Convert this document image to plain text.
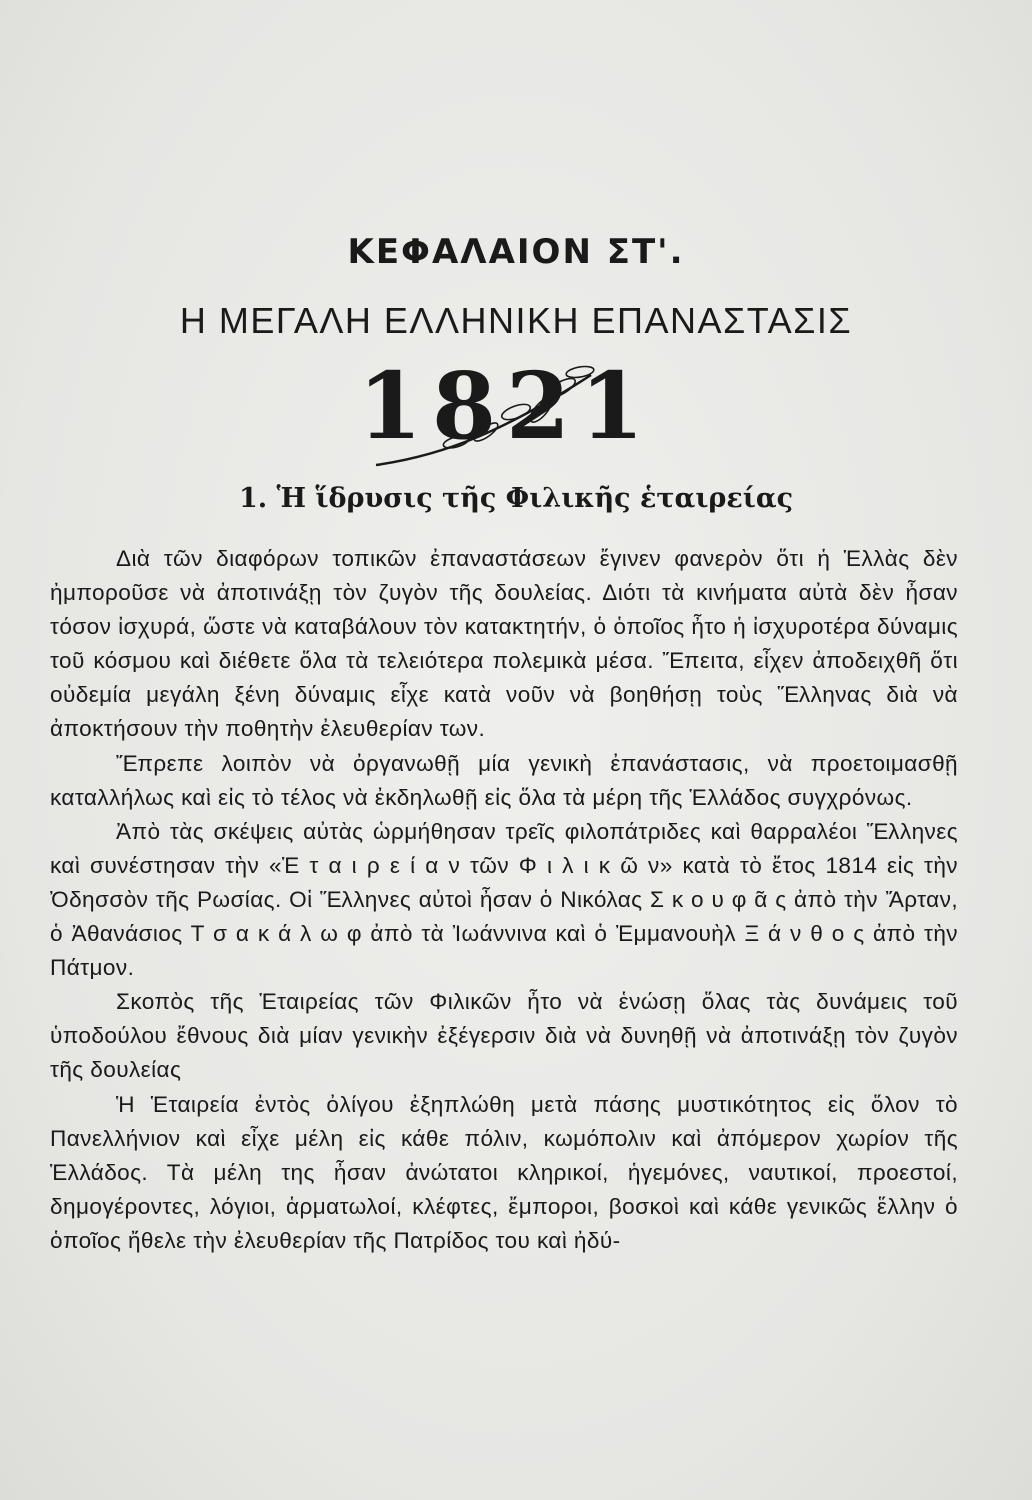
ΚΕΦΑΛΑΙΟΝ ΣΤ'.
Η ΜΕΓΑΛΗ ΕΛΛΗΝΙΚΗ ΕΠΑΝΑΣΤΑΣΙΣ
1821
1. Ἡ ἵδρυσις τῆς Φιλικῆς ἑταιρείας

Διὰ τῶν διαφόρων τοπικῶν ἐπαναστάσεων ἔγινεν φανερὸν ὅτι ἡ Ἑλλὰς δὲν ἠμποροῦσε νὰ ἀποτινάξῃ τὸν ζυγὸν τῆς δουλείας. Διότι τὰ κινήματα αὐτὰ δὲν ἦσαν τόσον ἰσχυρά, ὥστε νὰ καταβάλουν τὸν κατακτητήν, ὁ ὁποῖος ἦτο ἡ ἰσχυροτέρα δύναμις τοῦ κόσμου καὶ διέθετε ὅλα τὰ τελειότερα πολεμικὰ μέσα. Ἔπειτα, εἶχεν ἀποδειχθῆ ὅτι οὐδεμία μεγάλη ξένη δύναμις εἶχε κατὰ νοῦν νὰ βοηθήσῃ τοὺς Ἕλληνας διὰ νὰ ἀποκτήσουν τὴν ποθητὴν ἐλευθερίαν των.

Ἔπρεπε λοιπὸν νὰ ὀργανωθῇ μία γενικὴ ἐπανάστασις, νὰ προετοιμασθῇ καταλλήλως καὶ εἰς τὸ τέλος νὰ ἐκδηλωθῇ εἰς ὅλα τὰ μέρη τῆς Ἑλλάδος συγχρόνως.

Ἀπὸ τὰς σκέψεις αὐτὰς ὡρμήθησαν τρεῖς φιλοπάτριδες καὶ θαρραλέοι Ἕλληνες καὶ συνέστησαν τὴν «Ἑ τ α ι ρ ε ί α ν τῶν Φ ι λ ι κ ῶ ν» κατὰ τὸ ἔτος 1814 εἰς τὴν Ὀδησσὸν τῆς Ρωσίας. Οἱ Ἕλληνες αὐτοὶ ἦσαν ὁ Νικόλας Σ κ ο υ φ ᾶ ς ἀπὸ τὴν Ἄρταν, ὁ Ἀθανάσιος Τ σ α κ ά λ ω φ ἀπὸ τὰ Ἰωάννινα καὶ ὁ Ἐμμανουὴλ Ξ ά ν θ ο ς ἀπὸ τὴν Πάτμον.

Σκοπὸς τῆς Ἑταιρείας τῶν Φιλικῶν ἦτο νὰ ἑνώσῃ ὅλας τὰς δυνάμεις τοῦ ὑποδούλου ἔθνους διὰ μίαν γενικὴν ἐξέγερσιν διὰ νὰ δυνηθῇ νὰ ἀποτινάξῃ τὸν ζυγὸν τῆς δουλείας

Ἡ Ἑταιρεία ἐντὸς ὀλίγου ἐξηπλώθη μετὰ πάσης μυστικότητος εἰς ὅλον τὸ Πανελλήνιον καὶ εἶχε μέλη εἰς κάθε πόλιν, κωμόπολιν καὶ ἀπόμερον χωρίον τῆς Ἑλλάδος. Τὰ μέλη της ἦσαν ἀνώτατοι κληρικοί, ἡγεμόνες, ναυτικοί, προεστοί, δημογέροντες, λόγιοι, ἁρματωλοί, κλέφτες, ἔμποροι, βοσκοὶ καὶ κάθε γενικῶς ἕλλην ὁ ὁποῖος ἤθελε τὴν ἐλευθερίαν τῆς Πατρίδος του καὶ ἠδύ-
